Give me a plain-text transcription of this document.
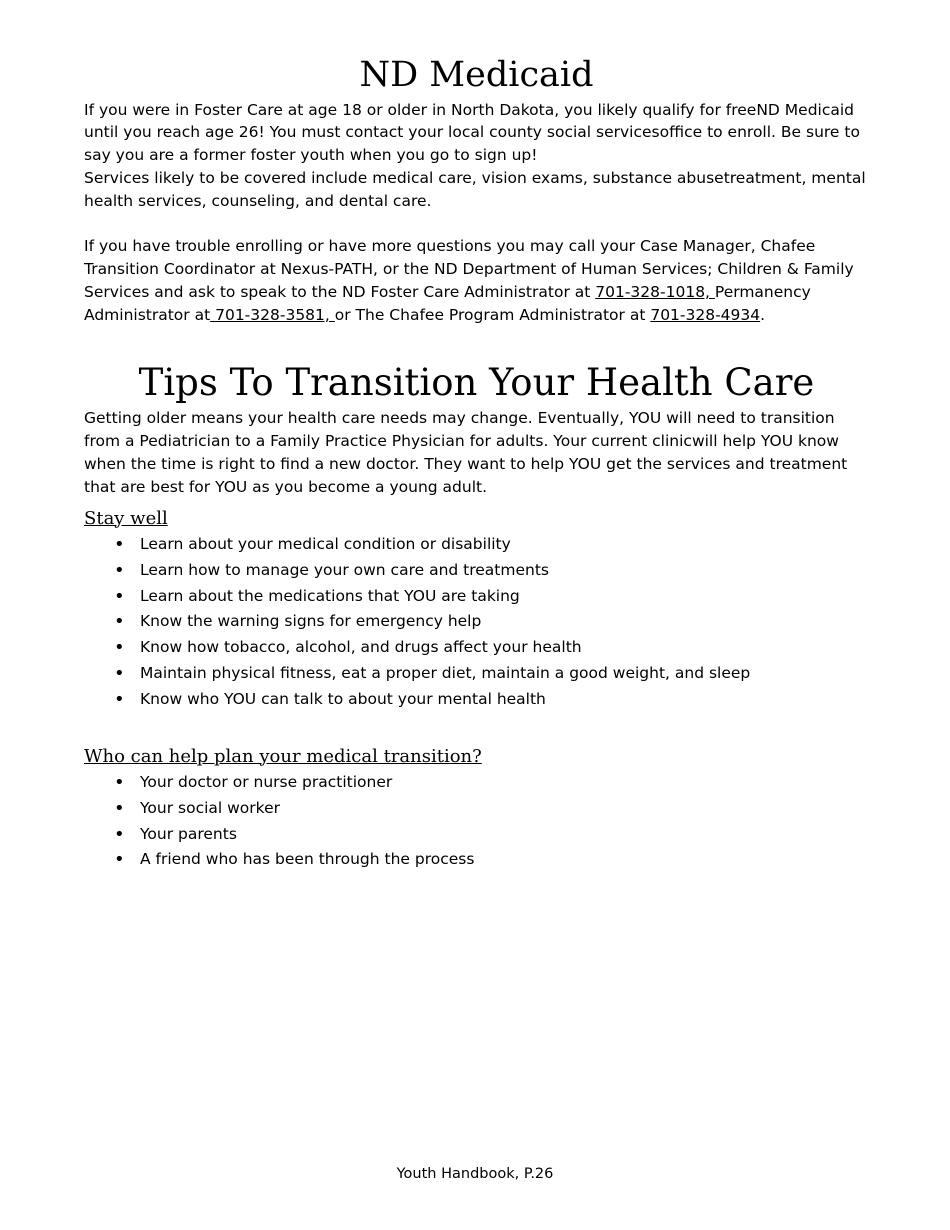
ND Medicaid

If you were in Foster Care at age 18 or older in North Dakota, you likely qualify for freeND Medicaid until you reach age 26! You must contact your local county social servicesoffice to enroll. Be sure to say you are a former foster youth when you go to sign up!

Services likely to be covered include medical care, vision exams, substance abusetreatment, mental health services, counseling, and dental care.

If you have trouble enrolling or have more questions you may call your Case Manager, Chafee Transition Coordinator at Nexus-PATH, or the ND Department of Human Services; Children & Family Services and ask to speak to the ND Foster Care Administrator at 701-328-1018, Permanency Administrator at 701-328-3581, or The Chafee Program Administrator at 701-328-4934.

Tips To Transition Your Health Care

Getting older means your health care needs may change. Eventually, YOU will need to transition from a Pediatrician to a Family Practice Physician for adults. Your current clinicwill help YOU know when the time is right to find a new doctor. They want to help YOU get the services and treatment that are best for YOU as you become a young adult.

Stay well
• Learn about your medical condition or disability
• Learn how to manage your own care and treatments
• Learn about the medications that YOU are taking
• Know the warning signs for emergency help
• Know how tobacco, alcohol, and drugs affect your health
• Maintain physical fitness, eat a proper diet, maintain a good weight, and sleep
• Know who YOU can talk to about your mental health
Who can help plan your medical transition?
• Your doctor or nurse practitioner
• Your social worker
• Your parents
• A friend who has been through the process
Youth Handbook, P.26
